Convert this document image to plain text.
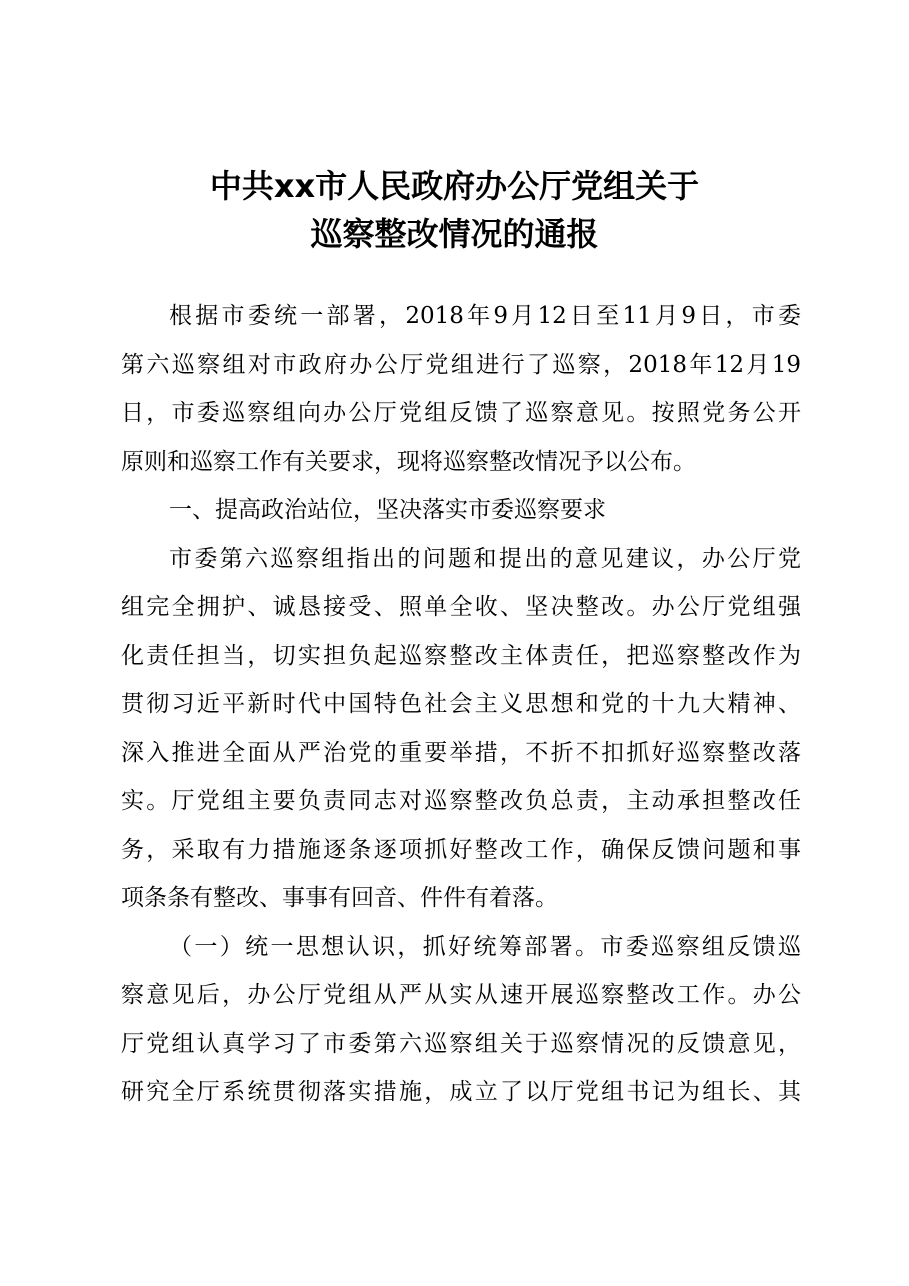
中共xx市人民政府办公厅党组关于
巡察整改情况的通报
根据市委统一部署，2018年9月12日至11月9日，市委
第六巡察组对市政府办公厅党组进行了巡察，2018年12月19
日，市委巡察组向办公厅党组反馈了巡察意见。按照党务公开
原则和巡察工作有关要求，现将巡察整改情况予以公布。
一、提高政治站位，坚决落实市委巡察要求
市委第六巡察组指出的问题和提出的意见建议，办公厅党
组完全拥护、诚恳接受、照单全收、坚决整改。办公厅党组强
化责任担当，切实担负起巡察整改主体责任，把巡察整改作为
贯彻习近平新时代中国特色社会主义思想和党的十九大精神、
深入推进全面从严治党的重要举措，不折不扣抓好巡察整改落
实。厅党组主要负责同志对巡察整改负总责，主动承担整改任
务，采取有力措施逐条逐项抓好整改工作，确保反馈问题和事
项条条有整改、事事有回音、件件有着落。
（一）统一思想认识，抓好统筹部署。市委巡察组反馈巡
察意见后，办公厅党组从严从实从速开展巡察整改工作。办公
厅党组认真学习了市委第六巡察组关于巡察情况的反馈意见，
研究全厅系统贯彻落实措施，成立了以厅党组书记为组长、其
